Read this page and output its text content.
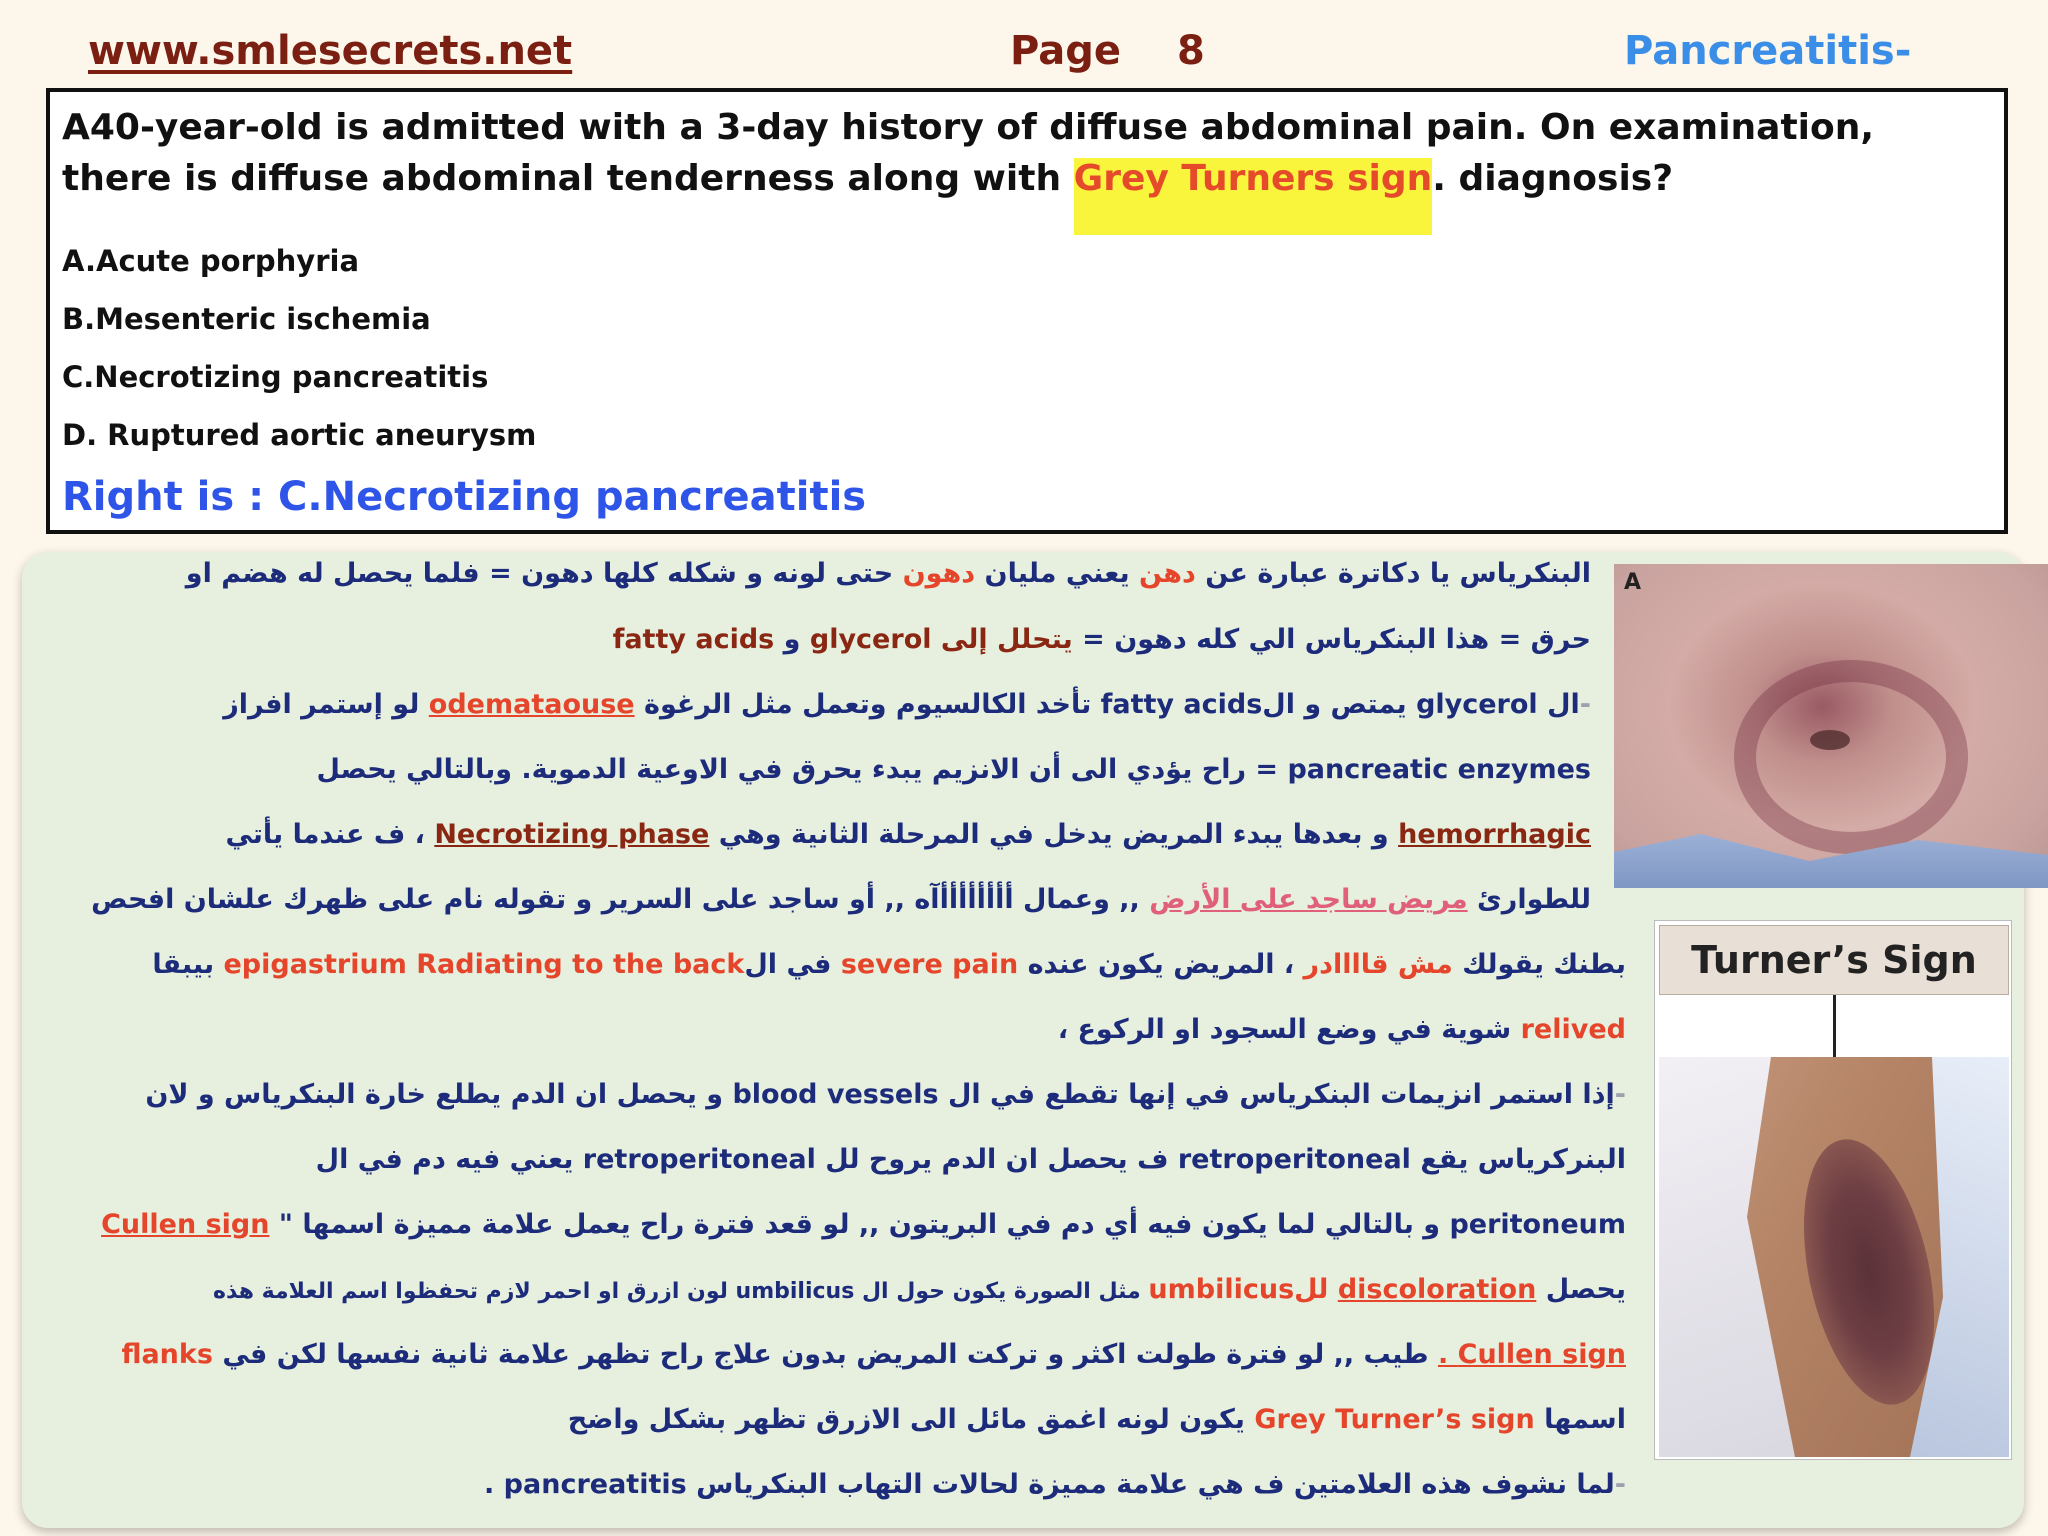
www.smlesecrets.net	Page 8	Pancreatitis-
A40-year-old is admitted with a 3-day history of diffuse abdominal pain. On examination, there is diffuse abdominal tenderness along with Grey Turners sign. diagnosis?
A.Acute porphyria
B.Mesenteric ischemia
C.Necrotizing pancreatitis
D. Ruptured aortic aneurysm
Right is : C.Necrotizing pancreatitis
البنكرياس يا دكاترة عبارة عن دهن يعني مليان دهون حتى لونه و شكله كلها دهون = فلما يحصل له هضم او
حرق = هذا البنكرياس الي كله دهون = يتحلل إلى glycerol و fatty acids
-ال glycerol يمتص و الfatty acids تأخد الكالسيوم وتعمل مثل الرغوة odemataouse لو إستمر افراز
pancreatic enzymes = راح يؤدي الى أن الانزيم يبدء يحرق في الاوعية الدموية. وبالتالي يحصل
hemorrhagic و بعدها يبدء المريض يدخل في المرحلة الثانية وهي Necrotizing phase ، ف عندما يأتي
للطوارئ مريض ساجد على الأرض ,, وعمال أأأأأأأأآه ,, أو ساجد على السرير و تقوله نام على ظهرك علشان افحص
بطنك يقولك مش قاااادر ، المريض يكون عنده severe pain في الepigastrium Radiating to the back بيبقا
relived شوية في وضع السجود او الركوع ،
-إذا استمر انزيمات البنكرياس في إنها تقطع في ال blood vessels و يحصل ان الدم يطلع خارة البنكرياس و لان
البنركرياس يقع retroperitoneal ف يحصل ان الدم يروح لل retroperitoneal يعني فيه دم في ال
peritoneum و بالتالي لما يكون فيه أي دم في البريتون ,, لو قعد فترة راح يعمل علامة مميزة اسمها " Cullen sign
يحصل discoloration للumbilicus مثل الصورة يكون حول ال umbilicus لون ازرق او احمر لازم تحفظوا اسم العلامة هذه
Cullen sign . طيب ,, لو فترة طولت اكثر و تركت المريض بدون علاج راح تظهر علامة ثانية نفسها لكن في flanks
اسمها Grey Turner’s sign يكون لونه اغمق مائل الى الازرق تظهر بشكل واضح
-لما نشوف هذه العلامتين ف هي علامة مميزة لحالات التهاب البنكرياس pancreatitis .
A
Turner’s Sign
